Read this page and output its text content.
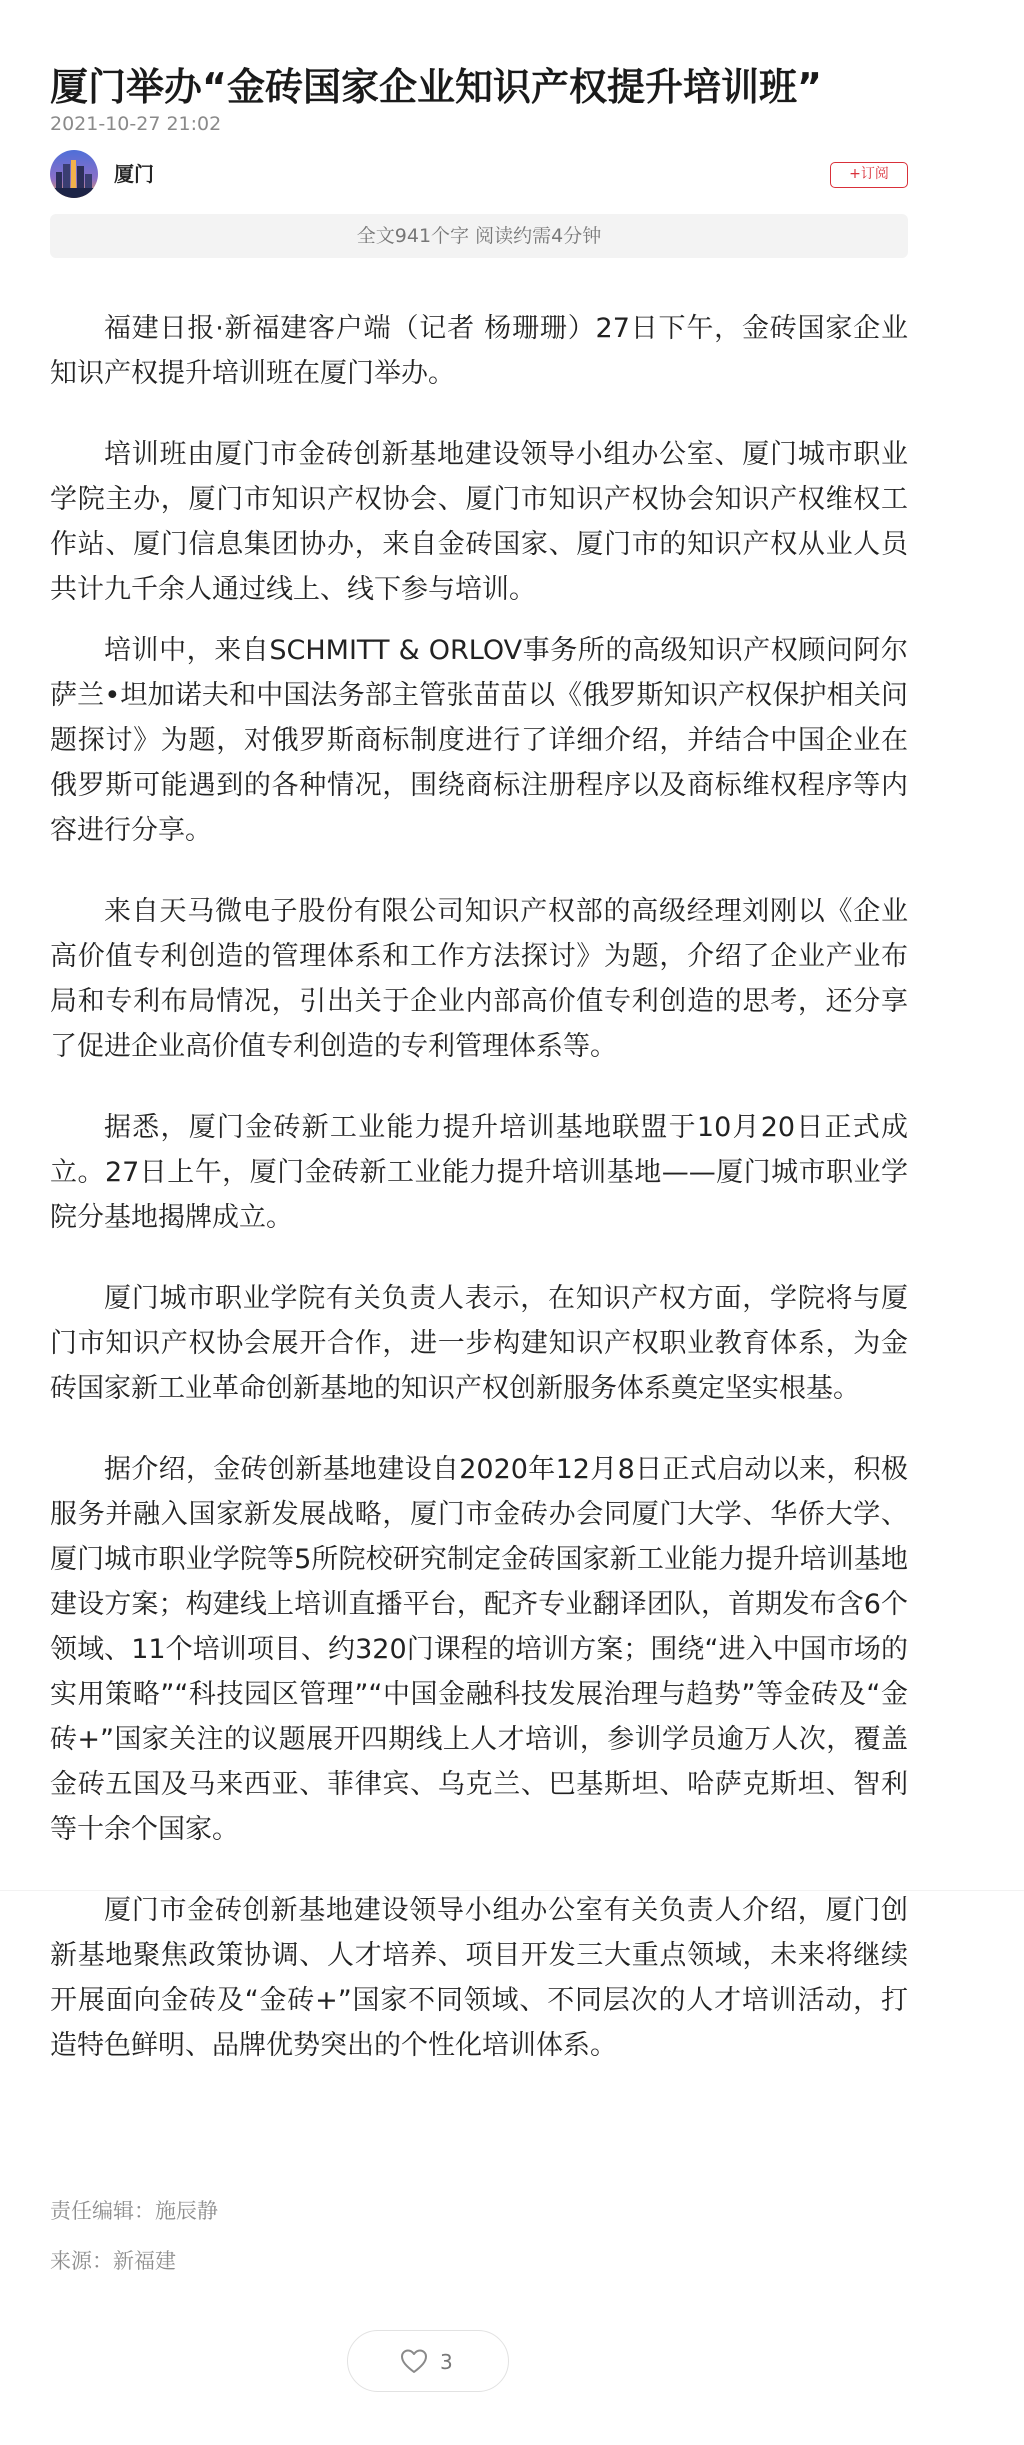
厦门举办“金砖国家企业知识产权提升培训班”
2021-10-27 21:02
厦门	+订阅
全文941个字 阅读约需4分钟

福建日报·新福建客户端（记者 杨珊珊）27日下午，金砖国家企业知识产权提升培训班在厦门举办。

培训班由厦门市金砖创新基地建设领导小组办公室、厦门城市职业学院主办，厦门市知识产权协会、厦门市知识产权协会知识产权维权工作站、厦门信息集团协办，来自金砖国家、厦门市的知识产权从业人员共计九千余人通过线上、线下参与培训。

培训中，来自SCHMITT & ORLOV事务所的高级知识产权顾问阿尔萨兰•坦加诺夫和中国法务部主管张苗苗以《俄罗斯知识产权保护相关问题探讨》为题，对俄罗斯商标制度进行了详细介绍，并结合中国企业在俄罗斯可能遇到的各种情况，围绕商标注册程序以及商标维权程序等内容进行分享。

来自天马微电子股份有限公司知识产权部的高级经理刘刚以《企业高价值专利创造的管理体系和工作方法探讨》为题，介绍了企业产业布局和专利布局情况，引出关于企业内部高价值专利创造的思考，还分享了促进企业高价值专利创造的专利管理体系等。

据悉，厦门金砖新工业能力提升培训基地联盟于10月20日正式成立。27日上午，厦门金砖新工业能力提升培训基地——厦门城市职业学院分基地揭牌成立。

厦门城市职业学院有关负责人表示，在知识产权方面，学院将与厦门市知识产权协会展开合作，进一步构建知识产权职业教育体系，为金砖国家新工业革命创新基地的知识产权创新服务体系奠定坚实根基。

据介绍，金砖创新基地建设自2020年12月8日正式启动以来，积极服务并融入国家新发展战略，厦门市金砖办会同厦门大学、华侨大学、厦门城市职业学院等5所院校研究制定金砖国家新工业能力提升培训基地建设方案；构建线上培训直播平台，配齐专业翻译团队，首期发布含6个领域、11个培训项目、约320门课程的培训方案；围绕“进入中国市场的实用策略”“科技园区管理”“中国金融科技发展治理与趋势”等金砖及“金砖+”国家关注的议题展开四期线上人才培训，参训学员逾万人次，覆盖金砖五国及马来西亚、菲律宾、乌克兰、巴基斯坦、哈萨克斯坦、智利等十余个国家。

厦门市金砖创新基地建设领导小组办公室有关负责人介绍，厦门创新基地聚焦政策协调、人才培养、项目开发三大重点领域，未来将继续开展面向金砖及“金砖+”国家不同领域、不同层次的人才培训活动，打造特色鲜明、品牌优势突出的个性化培训体系。

责任编辑：施辰静
来源：新福建
3
